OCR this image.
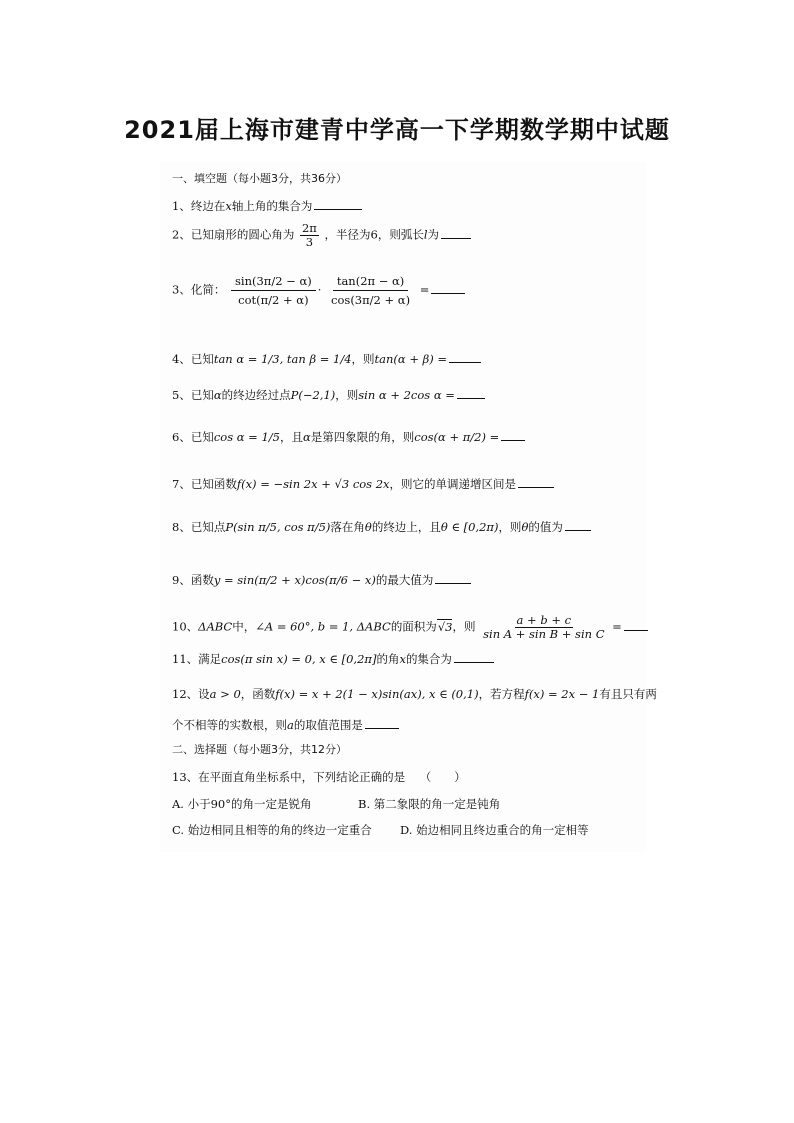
2021届上海市建青中学高一下学期数学期中试题
一、填空题（每小题3分，共36分）
1、终边在x轴上角的集合为
2、已知扇形的圆心角为 $\frac{2\pi}{3}$ ，半径为6，则弧长l为
3、化简： $\frac{\sin(3\pi/2 - \alpha)}{\cot(\pi/2 + \alpha)} \cdot \frac{\tan(2\pi - \alpha)}{\cos(3\pi/2 + \alpha)}$ =
4、已知tan α = 1/3, tan β = 1/4，则tan(α + β) =
5、已知α的终边经过点P(−2,1)，则sin α + 2cos α =
6、已知cos α = 1/5，且α是第四象限的角，则cos(α + π/2) =
7、已知函数f(x) = −sin 2x + √3 cos 2x，则它的单调递增区间是
8、已知点P(sin π/5, cos π/5)落在角θ的终边上，且θ ∈ [0,2π)，则θ的值为
9、函数y = sin(π/2 + x)cos(π/6 − x)的最大值为
10、ΔABC中，∠A = 60°, b = 1, ΔABC的面积为√3，则 $\frac{a + b + c}{\text{sin A + sin B + sin C}}$ =
11、满足cos(π sin x) = 0, x ∈ [0,2π]的角x的集合为
12、设a > 0，函数f(x) = x + 2(1 − x)sin(ax), x ∈ (0,1)，若方程f(x) = 2x − 1有且只有两
个不相等的实数根，则a的取值范围是
二、选择题（每小题3分，共12分）
13、在平面直角坐标系中，下列结论正确的是 （　　）
A. 小于90°的角一定是锐角	B. 第二象限的角一定是钝角
C. 始边相同且相等的角的终边一定重合 D. 始边相同且终边重合的角一定相等
